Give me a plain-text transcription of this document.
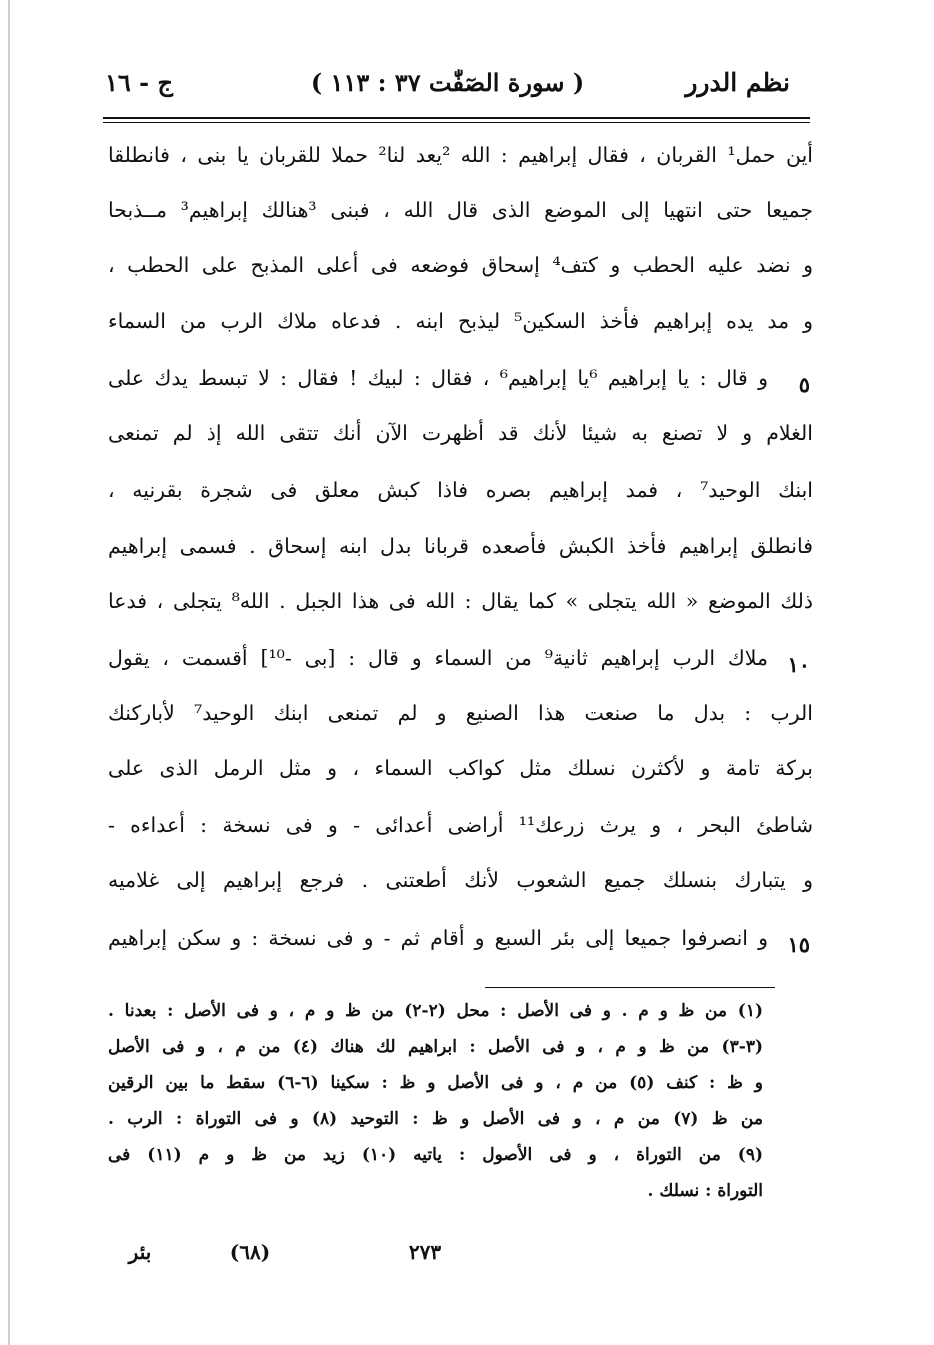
نظم الدرر
( سورة الصٓفّٰت ٣٧ : ١١٣ )
ج - ١٦
أين حمل¹ القربان ، فقال إبراهيم : الله ²يعد لنا² حملا للقربان يا بنى ، فانطلقا
جميعا حتى انتهيا إلى الموضع الذى قال الله ، فبنى ³هنالك إبراهيم³ مــذبحا
و نضد عليه الحطب و كتف⁴ إسحاق فوضعه فى أعلى المذبح على الحطب ،
و مد يده إبراهيم فأخذ السكين⁵ ليذبح ابنه . فدعاه ملاك الرب من السماء
٥
و قال : يا إبراهيم ⁶يا إبراهيم⁶ ، فقال : لبيك ! فقال : لا تبسط يدك على
الغلام و لا تصنع به شيئا لأنك قد أظهرت الآن أنك تتقى الله إذ لم تمنعى
ابنك الوحيد⁷ ، فمد إبراهيم بصره فاذا كبش معلق فى شجرة بقرنيه ،
فانطلق إبراهيم فأخذ الكبش فأصعده قربانا بدل ابنه إسحاق . فسمى إبراهيم
ذلك الموضع « الله يتجلى » كما يقال : الله فى هذا الجبل . الله⁸ يتجلى ، فدعا
١٠
ملاك الرب إبراهيم ثانية⁹ من السماء و قال : [بى -¹⁰] أقسمت ، يقول
الرب : بدل ما صنعت هذا الصنيع و لم تمنعى ابنك الوحيد⁷ لأباركنك
بركة تامة و لأكثرن نسلك مثل كواكب السماء ، و مثل الرمل الذى على
شاطئ البحر ، و يرث زرعك¹¹ أراضى أعدائى - و فى نسخة : أعداءه -
و يتبارك بنسلك جميع الشعوب لأنك أطعتنى . فرجع إبراهيم إلى غلاميه
١٥
و انصرفوا جميعا إلى بئر السبع و أقام ثم - و فى نسخة : و سكن إبراهيم
(١) من ظ و م . و فى الأصل : محل (٢-٢) من ظ و م ، و فى الأصل : بعدنا .
(٣-٣) من ظ و م ، و فى الأصل : ابراهيم لك هناك (٤) من م ، و فى الأصل
و ظ : كنف (٥) من م ، و فى الأصل و ظ : سكينا (٦-٦) سقط ما بين الرقين
من ظ (٧) من م ، و فى الأصل و ظ : التوحيد (٨) و فى التوراة : الرب .
(٩) من التوراة ، و فى الأصول : ياتيه (١٠) زيد من ظ و م (١١) فى
التوراة : نسلك .
بئر	(٦٨)	٢٧٣
